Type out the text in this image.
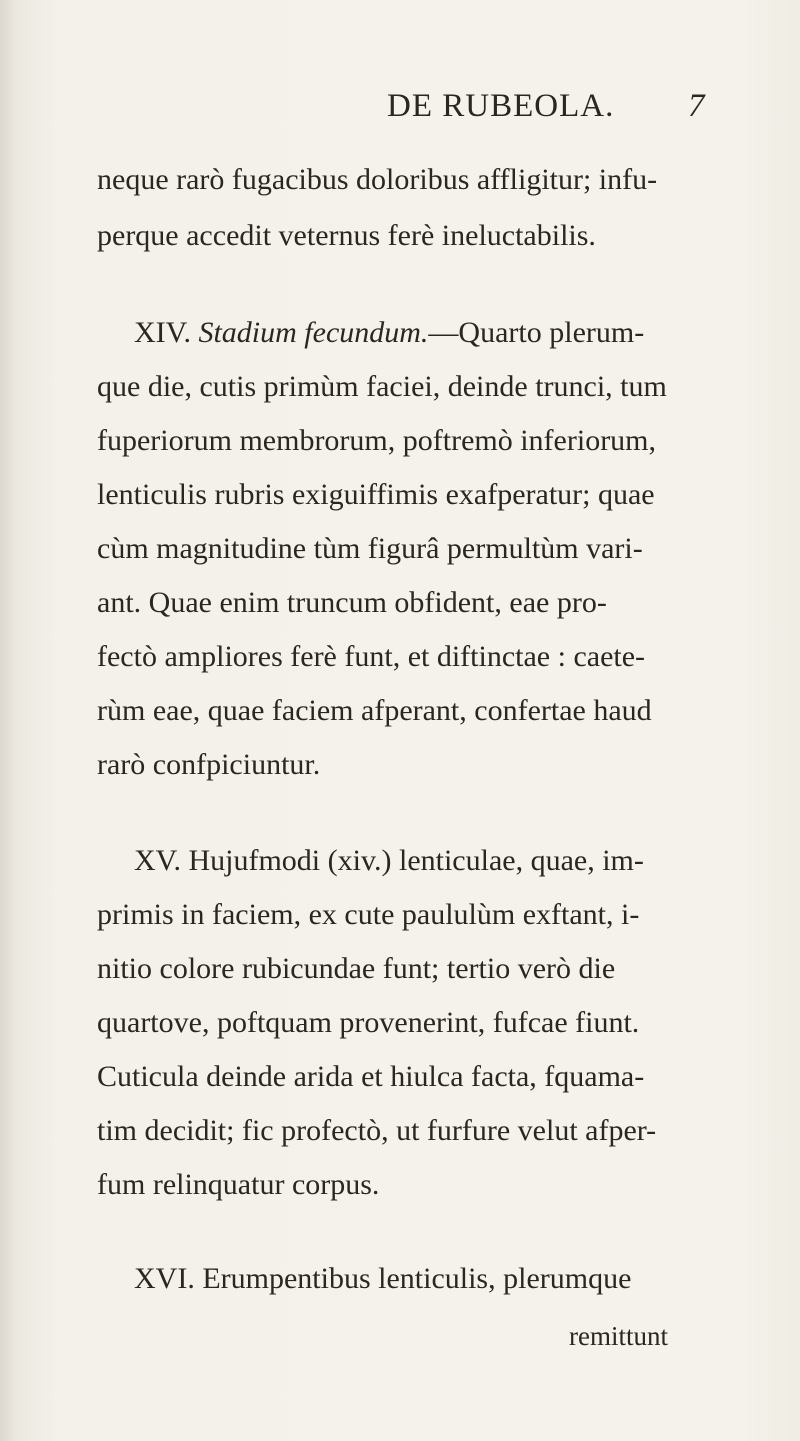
DE RUBEOLA. 7
neque rarò fugacibus doloribus affligitur; infu-
perque accedit veternus ferè ineluctabilis.
XIV. Stadium fecundum.—Quarto plerum-
que die, cutis primùm faciei, deinde trunci, tum
fuperiorum membrorum, poftremò inferiorum,
lenticulis rubris exiguiffimis exafperatur; quae
cùm magnitudine tùm figurâ permultùm vari-
ant. Quae enim truncum obfident, eae pro-
fectò ampliores ferè funt, et diftinctae : caete-
rùm eae, quae faciem afperant, confertae haud
rarò confpiciuntur.
XV. Hujufmodi (xiv.) lenticulae, quae, im-
primis in faciem, ex cute paululùm exftant, i-
nitio colore rubicundae funt; tertio verò die
quartove, poftquam provenerint, fufcae fiunt.
Cuticula deinde arida et hiulca facta, fquama-
tim decidit; fic profectò, ut furfure velut afper-
fum relinquatur corpus.
XVI. Erumpentibus lenticulis, plerumque
remittunt
